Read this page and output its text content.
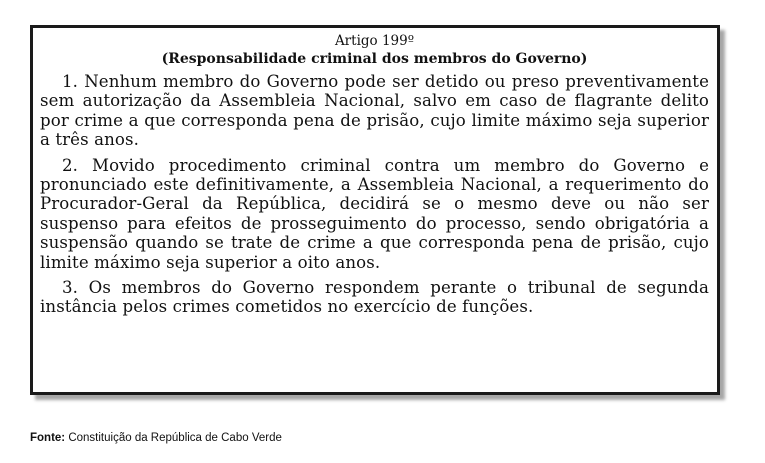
Artigo 199º

(Responsabilidade criminal dos membros do Governo)

1. Nenhum membro do Governo pode ser detido ou preso preventivamente sem autorização da Assembleia Nacional, salvo em caso de flagrante delito por crime a que corresponda pena de prisão, cujo limite máximo seja superior a três anos.

2. Movido procedimento criminal contra um membro do Governo e pronunciado este definitivamente, a Assembleia Nacional, a requerimento do Procurador-Geral da República, decidirá se o mesmo deve ou não ser suspenso para efeitos de prosseguimento do processo, sendo obrigatória a suspensão quando se trate de crime a que corresponda pena de prisão, cujo limite máximo seja superior a oito anos.

3. Os membros do Governo respondem perante o tribunal de segunda instância pelos crimes cometidos no exercício de funções.

Fonte: Constituição da República de Cabo Verde
